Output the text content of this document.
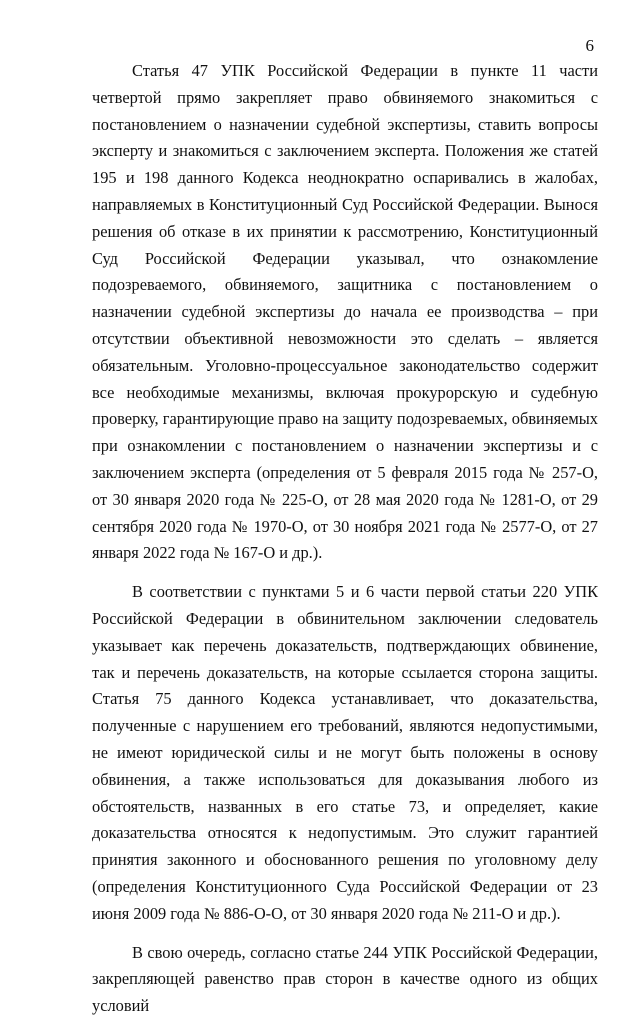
6

Статья 47 УПК Российской Федерации в пункте 11 части четвертой прямо закрепляет право обвиняемого знакомиться с постановлением о назначении судебной экспертизы, ставить вопросы эксперту и знакомиться с заключением эксперта. Положения же статей 195 и 198 данного Кодекса неоднократно оспаривались в жалобах, направляемых в Конституционный Суд Российской Федерации. Вынося решения об отказе в их принятии к рассмотрению, Конституционный Суд Российской Федерации указывал, что ознакомление подозреваемого, обвиняемого, защитника с постановлением о назначении судебной экспертизы до начала ее производства – при отсутствии объективной невозможности это сделать – является обязательным. Уголовно-процессуальное законодательство содержит все необходимые механизмы, включая прокурорскую и судебную проверку, гарантирующие право на защиту подозреваемых, обвиняемых при ознакомлении с постановлением о назначении экспертизы и с заключением эксперта (определения от 5 февраля 2015 года № 257-О, от 30 января 2020 года № 225-О, от 28 мая 2020 года № 1281-О, от 29 сентября 2020 года № 1970-О, от 30 ноября 2021 года № 2577-О, от 27 января 2022 года № 167-О и др.).

В соответствии с пунктами 5 и 6 части первой статьи 220 УПК Российской Федерации в обвинительном заключении следователь указывает как перечень доказательств, подтверждающих обвинение, так и перечень доказательств, на которые ссылается сторона защиты. Статья 75 данного Кодекса устанавливает, что доказательства, полученные с нарушением его требований, являются недопустимыми, не имеют юридической силы и не могут быть положены в основу обвинения, а также использоваться для доказывания любого из обстоятельств, названных в его статье 73, и определяет, какие доказательства относятся к недопустимым. Это служит гарантией принятия законного и обоснованного решения по уголовному делу (определения Конституционного Суда Российской Федерации от 23 июня 2009 года № 886-О-О, от 30 января 2020 года № 211-О и др.).

В свою очередь, согласно статье 244 УПК Российской Федерации, закрепляющей равенство прав сторон в качестве одного из общих условий
